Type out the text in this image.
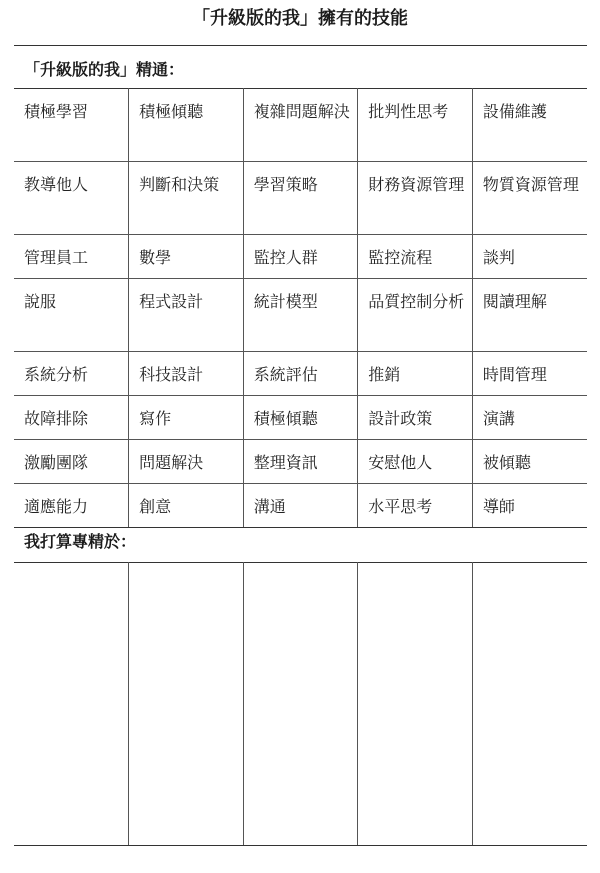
「升級版的我」擁有的技能
「升級版的我」精通：
積極學習	積極傾聽	複雜問題解決	批判性思考	設備維護
教導他人	判斷和決策	學習策略	財務資源管理	物質資源管理
管理員工	數學	監控人群	監控流程	談判
說服	程式設計	統計模型	品質控制分析	閱讀理解
系統分析	科技設計	系統評估	推銷	時間管理
故障排除	寫作	積極傾聽	設計政策	演講
激勵團隊	問題解決	整理資訊	安慰他人	被傾聽
適應能力	創意	溝通	水平思考	導師
我打算專精於：
